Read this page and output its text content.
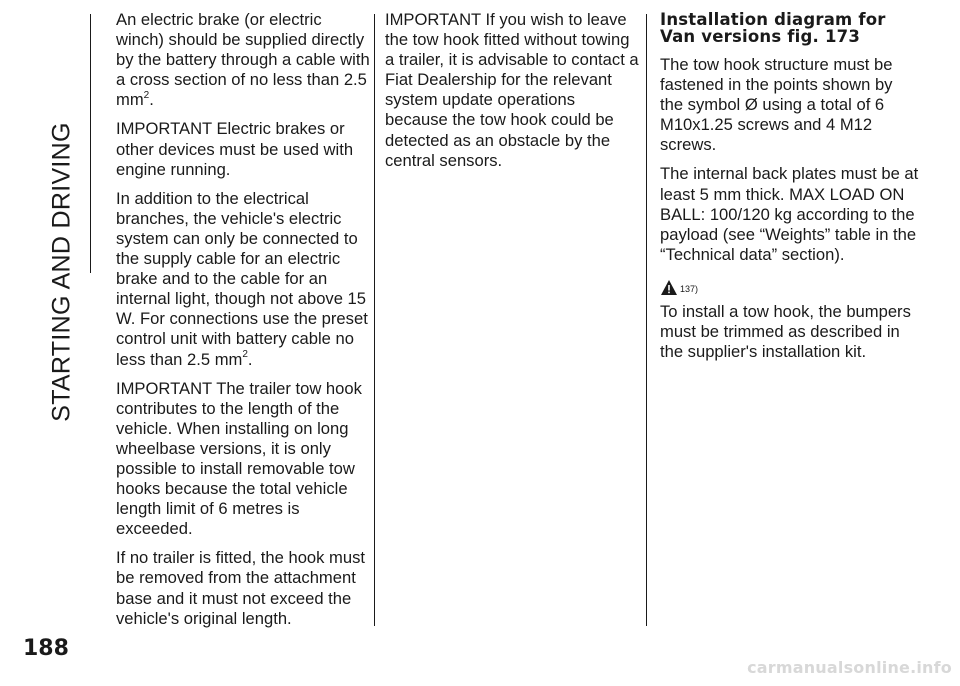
STARTING AND DRIVING

An electric brake (or electric winch) should be supplied directly by the battery through a cable with a cross section of no less than 2.5 $mm^2$.

IMPORTANT Electric brakes or other devices must be used with engine running.

In addition to the electrical branches, the vehicle's electric system can only be connected to the supply cable for an electric brake and to the cable for an internal light, though not above 15 W. For connections use the preset control unit with battery cable no less than 2.5 $mm^2$.

IMPORTANT The trailer tow hook contributes to the length of the vehicle. When installing on long wheelbase versions, it is only possible to install removable tow hooks because the total vehicle length limit of 6 metres is exceeded.

If no trailer is fitted, the hook must be removed from the attachment base and it must not exceed the vehicle's original length.

IMPORTANT If you wish to leave the tow hook fitted without towing a trailer, it is advisable to contact a Fiat Dealership for the relevant system update operations because the tow hook could be detected as an obstacle by the central sensors.

Installation diagram for Van versions fig. 173

The tow hook structure must be fastened in the points shown by the symbol Ø using a total of 6 M10x1.25 screws and 4 M12 screws.

The internal back plates must be at least 5 mm thick. MAX LOAD ON BALL: 100/120 kg according to the payload (see “Weights” table in the “Technical data” section).

137)

To install a tow hook, the bumpers must be trimmed as described in the supplier's installation kit.

188
carmanualsonline.info
